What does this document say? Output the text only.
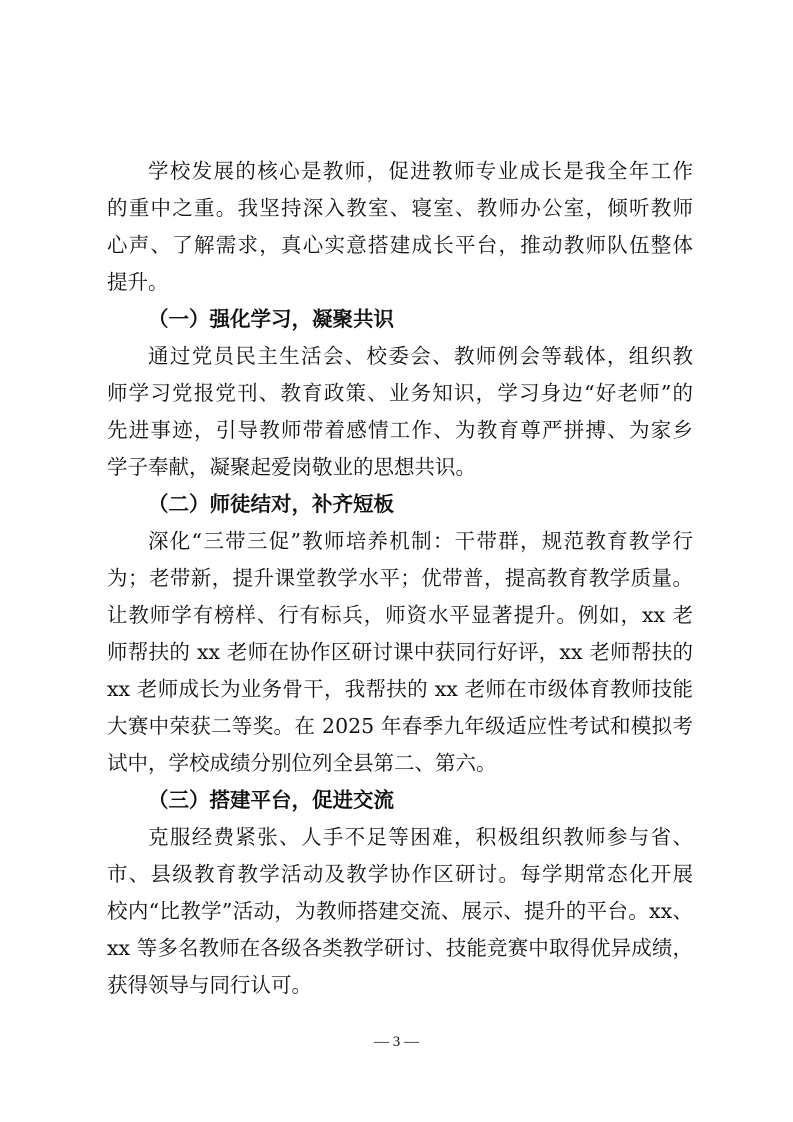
学校发展的核心是教师，促进教师专业成长是我全年工作
的重中之重。我坚持深入教室、寝室、教师办公室，倾听教师
心声、了解需求，真心实意搭建成长平台，推动教师队伍整体
提升。
（一）强化学习，凝聚共识
通过党员民主生活会、校委会、教师例会等载体，组织教
师学习党报党刊、教育政策、业务知识，学习身边“好老师”的
先进事迹，引导教师带着感情工作、为教育尊严拼搏、为家乡
学子奉献，凝聚起爱岗敬业的思想共识。
（二）师徒结对，补齐短板
深化“三带三促”教师培养机制：干带群，规范教育教学行
为；老带新，提升课堂教学水平；优带普，提高教育教学质量。
让教师学有榜样、行有标兵，师资水平显著提升。例如，xx 老
师帮扶的 xx 老师在协作区研讨课中获同行好评，xx 老师帮扶的
xx 老师成长为业务骨干，我帮扶的 xx 老师在市级体育教师技能
大赛中荣获二等奖。在 2025 年春季九年级适应性考试和模拟考
试中，学校成绩分别位列全县第二、第六。
（三）搭建平台，促进交流
克服经费紧张、人手不足等困难，积极组织教师参与省、
市、县级教育教学活动及教学协作区研讨。每学期常态化开展
校内“比教学”活动，为教师搭建交流、展示、提升的平台。xx、
xx 等多名教师在各级各类教学研讨、技能竞赛中取得优异成绩，
获得领导与同行认可。
— 3 —
